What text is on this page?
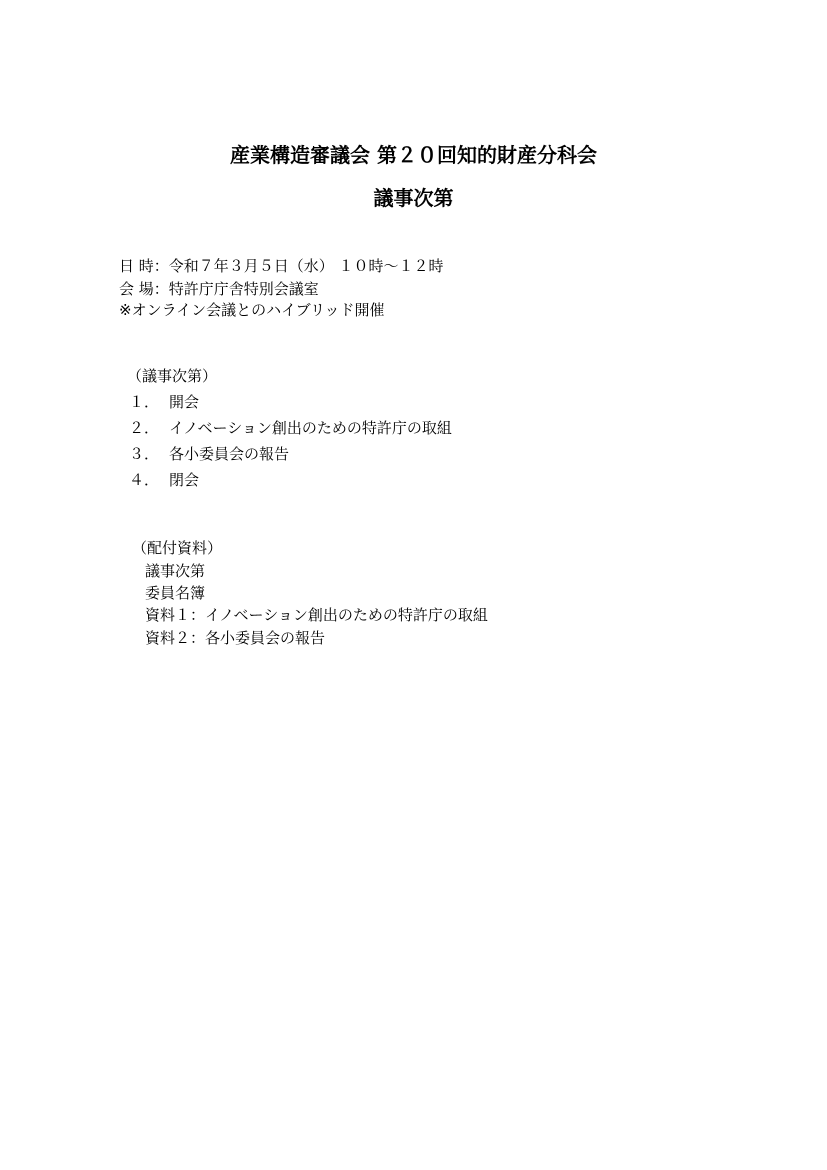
産業構造審議会 第２０回知的財産分科会
議事次第
日 時：令和７年３月５日（水） １０時～１２時
会 場：特許庁庁舎特別会議室
※オンライン会議とのハイブリッド開催
（議事次第）
１． 開会
２． イノベーション創出のための特許庁の取組
３． 各小委員会の報告
４． 閉会
（配付資料）
議事次第
委員名簿
資料１：イノベーション創出のための特許庁の取組
資料２：各小委員会の報告
